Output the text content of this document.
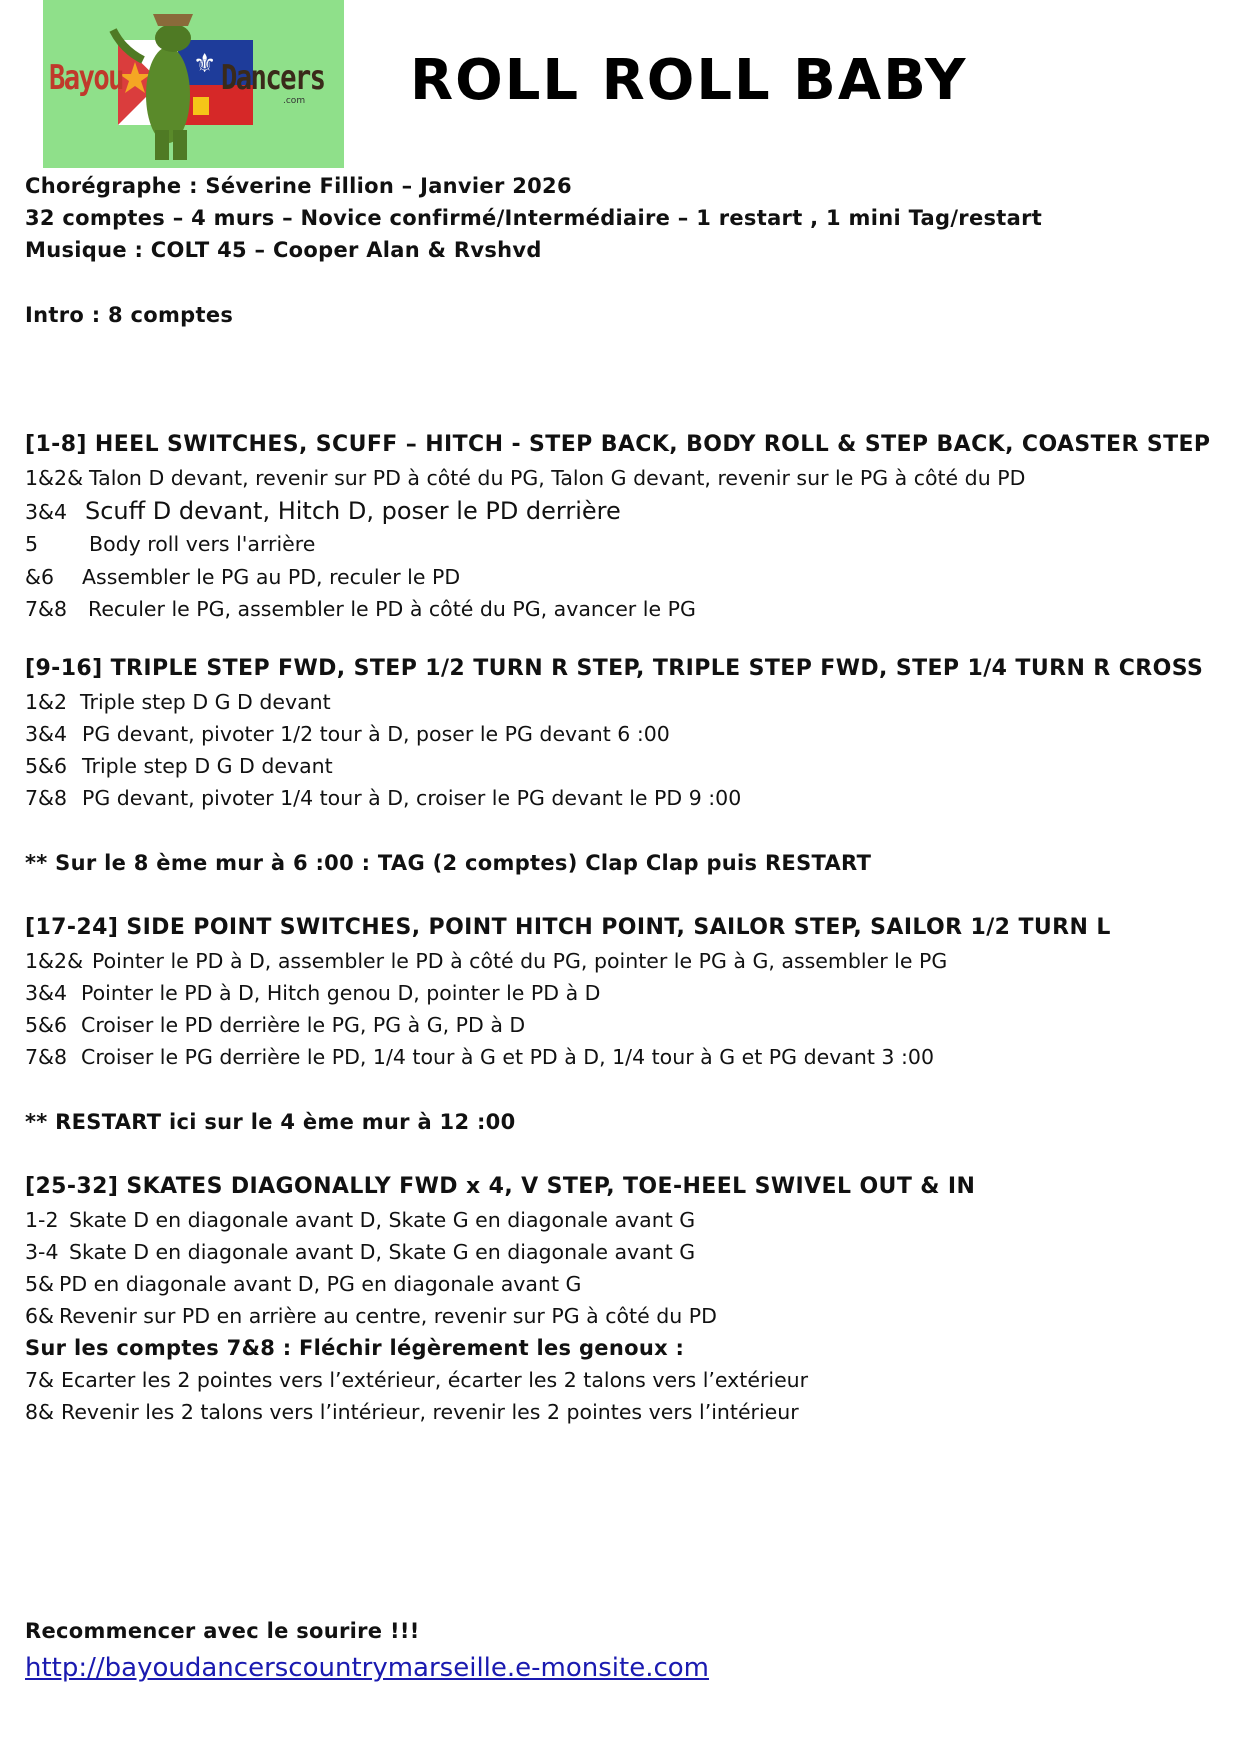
⚜
Bayou	Dancers
.com ROLL ROLL BABY
Chorégraphe : Séverine Fillion – Janvier 2026
32 comptes – 4 murs – Novice confirmé/Intermédiaire – 1 restart , 1 mini Tag/restart
Musique : COLT 45 – Cooper Alan & Rvshvd
Intro : 8 comptes
[1-8] HEEL SWITCHES, SCUFF – HITCH - STEP BACK, BODY ROLL & STEP BACK, COASTER STEP
1&2& Talon D devant, revenir sur PD à côté du PG, Talon G devant, revenir sur le PG à côté du PD
3&4 Scuff D devant, Hitch D, poser le PD derrière
5 Body roll vers l'arrière
&6 Assembler le PG au PD, reculer le PD
7&8 Reculer le PG, assembler le PD à côté du PG, avancer le PG
[9-16] TRIPLE STEP FWD, STEP 1/2 TURN R STEP, TRIPLE STEP FWD, STEP 1/4 TURN R CROSS
1&2 Triple step D G D devant
3&4 PG devant, pivoter 1/2 tour à D, poser le PG devant 6 :00
5&6 Triple step D G D devant
7&8 PG devant, pivoter 1/4 tour à D, croiser le PG devant le PD 9 :00
** Sur le 8 ème mur à 6 :00 : TAG (2 comptes) Clap Clap puis RESTART
[17-24] SIDE POINT SWITCHES, POINT HITCH POINT, SAILOR STEP, SAILOR 1/2 TURN L
1&2& Pointer le PD à D, assembler le PD à côté du PG, pointer le PG à G, assembler le PG
3&4 Pointer le PD à D, Hitch genou D, pointer le PD à D
5&6 Croiser le PD derrière le PG, PG à G, PD à D
7&8 Croiser le PG derrière le PD, 1/4 tour à G et PD à D, 1/4 tour à G et PG devant 3 :00
** RESTART ici sur le 4 ème mur à 12 :00
[25-32] SKATES DIAGONALLY FWD x 4, V STEP, TOE-HEEL SWIVEL OUT & IN
1-2 Skate D en diagonale avant D, Skate G en diagonale avant G
3-4 Skate D en diagonale avant D, Skate G en diagonale avant G
5& PD en diagonale avant D, PG en diagonale avant G
6& Revenir sur PD en arrière au centre, revenir sur PG à côté du PD
Sur les comptes 7&8 : Fléchir légèrement les genoux :
7& Ecarter les 2 pointes vers l’extérieur, écarter les 2 talons vers l’extérieur
8& Revenir les 2 talons vers l’intérieur, revenir les 2 pointes vers l’intérieur
Recommencer avec le sourire !!!
http://bayoudancerscountrymarseille.e-monsite.com
